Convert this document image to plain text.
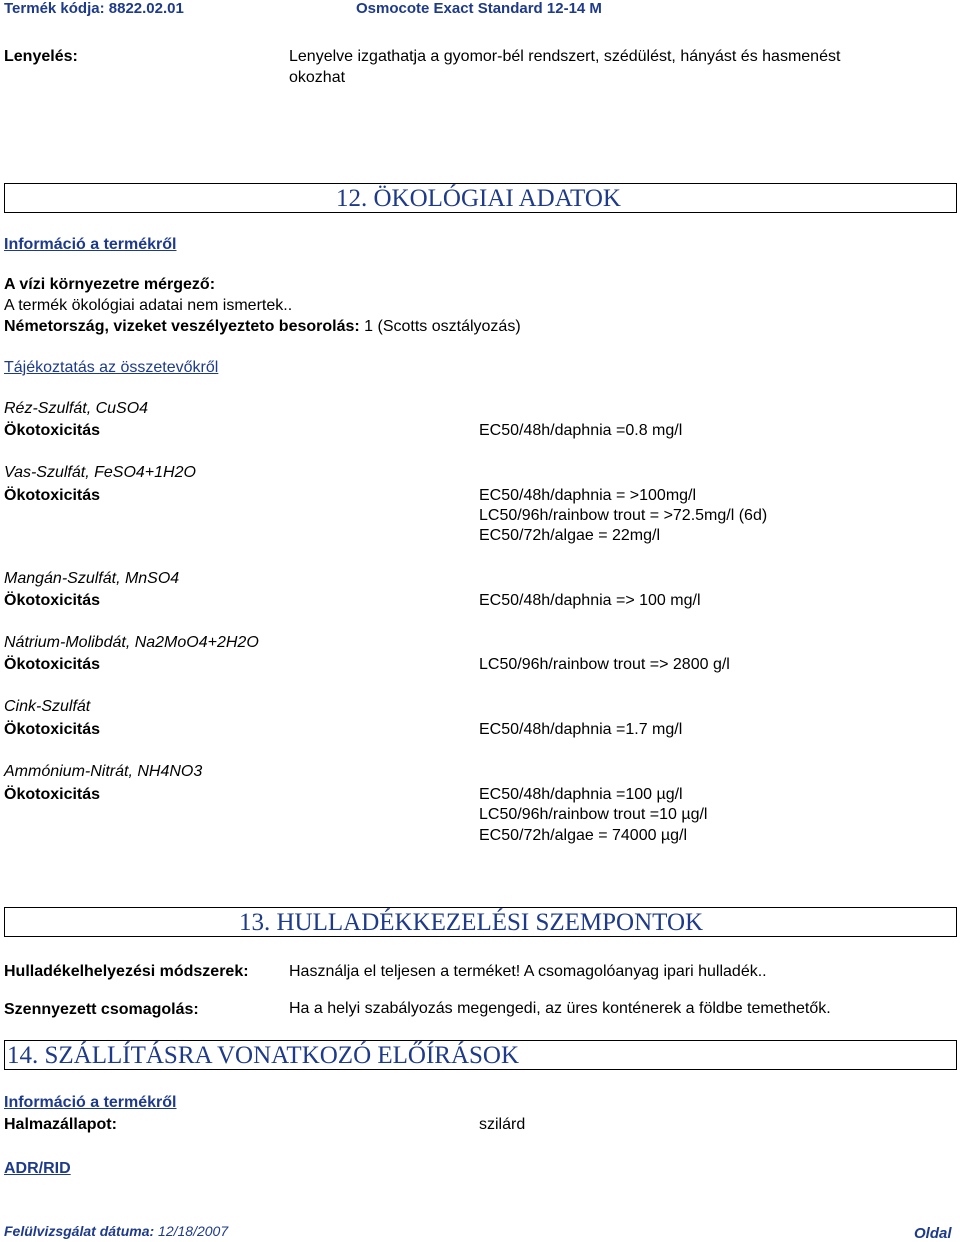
Termék kódja: 8822.02.01	Osmocote Exact Standard 12-14 M
Lenyelés:	Lenyelve izgathatja a gyomor-bél rendszert, szédülést, hányást és hasmenést
okozhat
12. ÖKOLÓGIAI ADATOK
Információ a termékről
A vízi környezetre mérgező:
A termék ökológiai adatai nem ismertek..
Németország, vizeket veszélyezteto besorolás: 1 (Scotts osztályozás)
Tájékoztatás az összetevőkről
Réz-Szulfát, CuSO4
Ökotoxicitás	EC50/48h/daphnia =0.8 mg/l
Vas-Szulfát, FeSO4+1H2O
Ökotoxicitás	EC50/48h/daphnia = >100mg/l
LC50/96h/rainbow trout = >72.5mg/l (6d)
EC50/72h/algae = 22mg/l
Mangán-Szulfát, MnSO4
Ökotoxicitás	EC50/48h/daphnia => 100 mg/l
Nátrium-Molibdát, Na2MoO4+2H2O
Ökotoxicitás	LC50/96h/rainbow trout => 2800 g/l
Cink-Szulfát
Ökotoxicitás	EC50/48h/daphnia =1.7 mg/l
Ammónium-Nitrát, NH4NO3
Ökotoxicitás	EC50/48h/daphnia =100 µg/l
LC50/96h/rainbow trout =10 µg/l
EC50/72h/algae = 74000 µg/l
13. HULLADÉKKEZELÉSI SZEMPONTOK
Hulladékelhelyezési módszerek:	Használja el teljesen a terméket! A csomagolóanyag ipari hulladék..
Szennyezett csomagolás:	Ha a helyi szabályozás megengedi, az üres konténerek a földbe temethetők.
14. SZÁLLÍTÁSRA VONATKOZÓ ELŐÍRÁSOK
Információ a termékről
Halmazállapot:	szilárd
ADR/RID
Felülvizsgálat dátuma: 12/18/2007	Oldal
